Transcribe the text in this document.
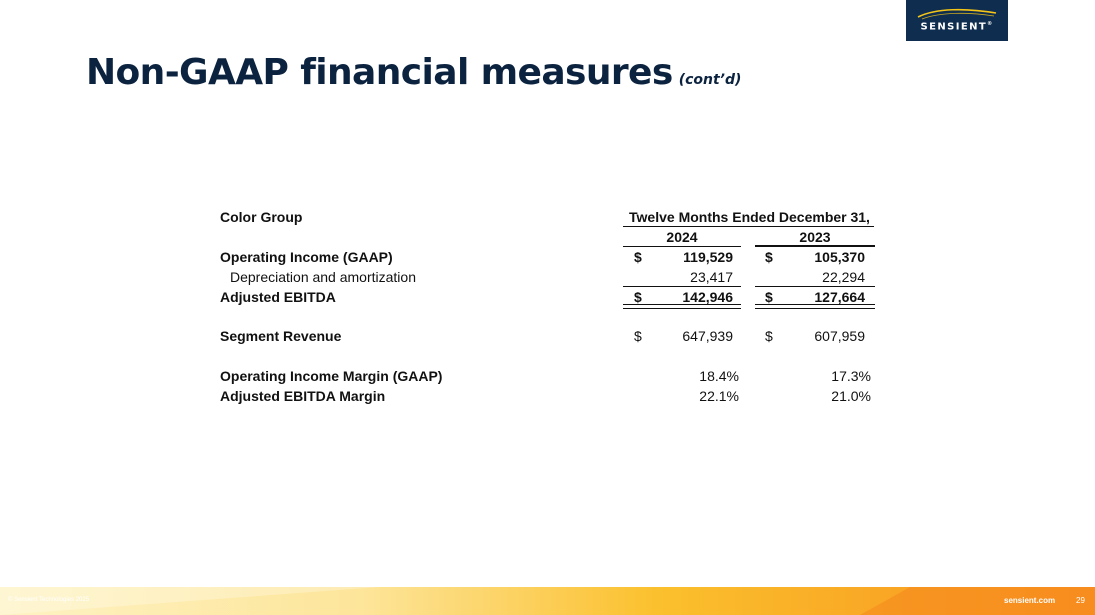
SENSIENT®
Non-GAAP financial measures (cont’d)
Color Group	Twelve Months Ended December 31,
2024	2023
Operating Income (GAAP)	$	119,529 $	105,370
Depreciation and amortization	23,417	22,294
Adjusted EBITDA	$	142,946 $	127,664
Segment Revenue	$	647,939 $	607,959
Operating Income Margin (GAAP)	18.4%	17.3%
Adjusted EBITDA Margin	22.1%	21.0%
© Sensient Technologies 2025	sensient.com	29
